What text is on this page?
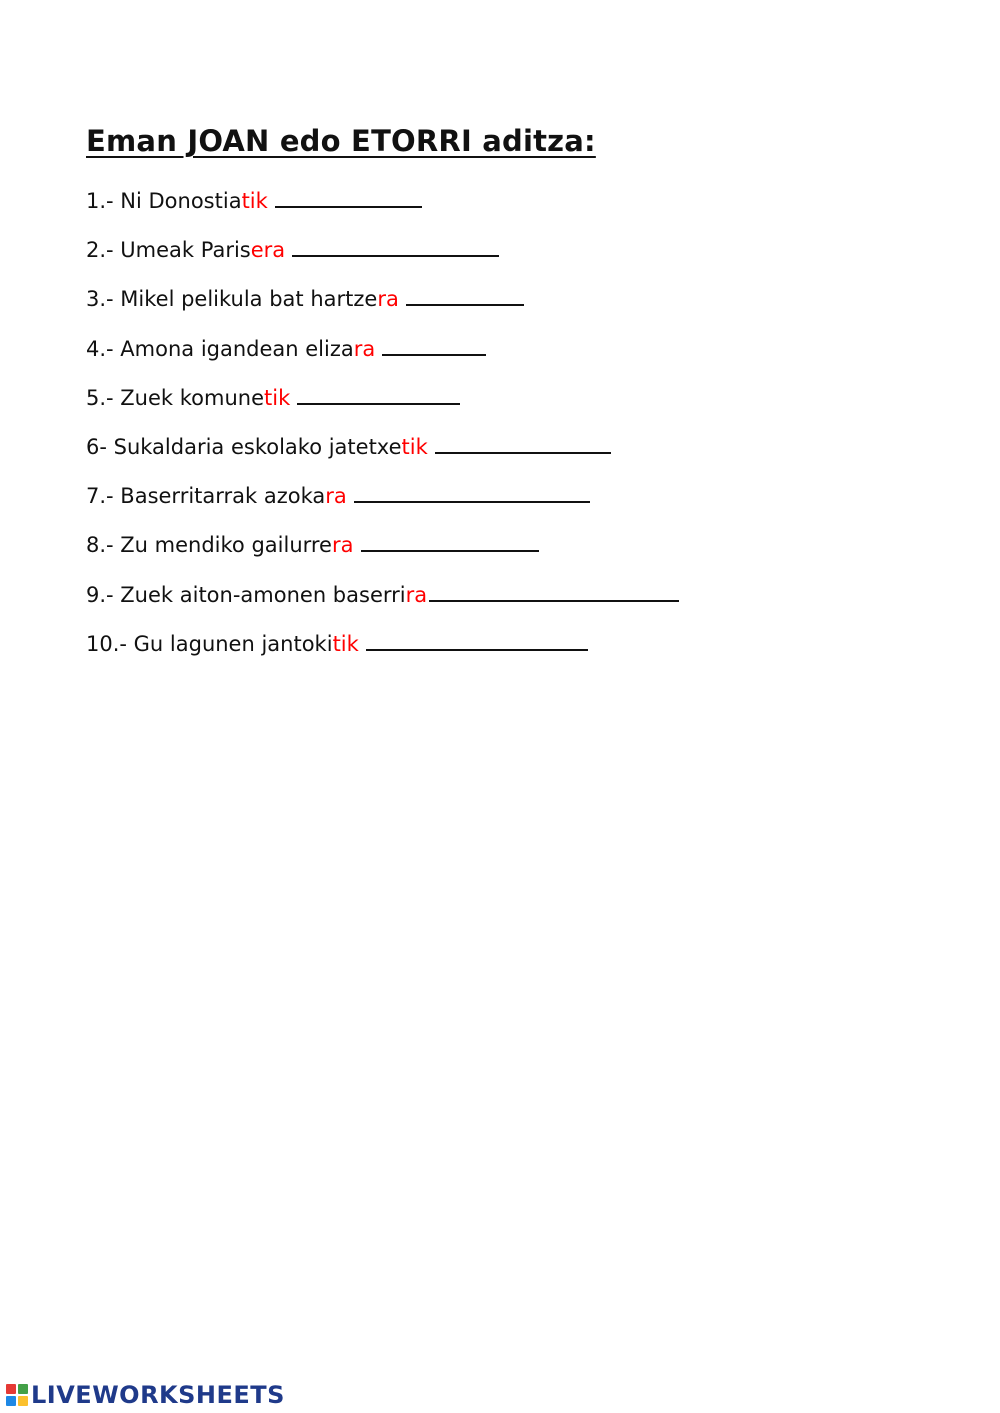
Eman JOAN edo ETORRI aditza:
1.- Ni Donostiatik
2.- Umeak Parisera
3.- Mikel pelikula bat hartzera
4.- Amona igandean elizara
5.- Zuek komunetik
6- Sukaldaria eskolako jatetxetik
7.- Baserritarrak azokara
8.- Zu mendiko gailurrera
9.- Zuek aiton-amonen baserrira
10.- Gu lagunen jantokitik
LIVEWORKSHEETS
